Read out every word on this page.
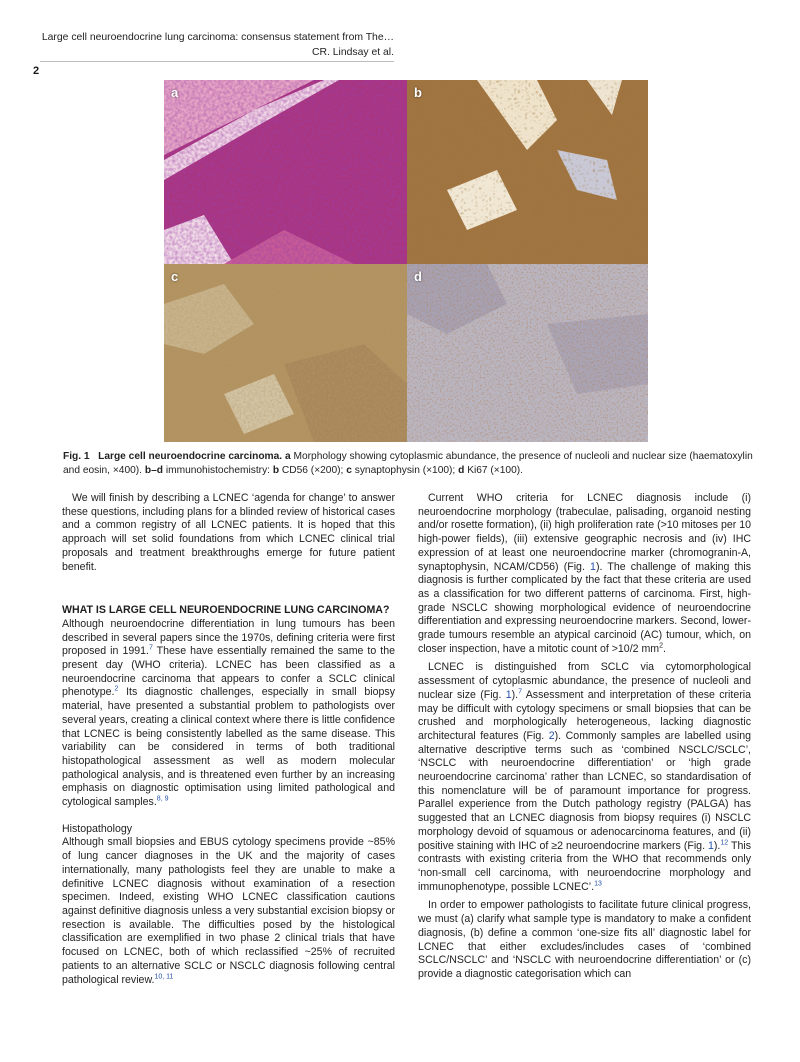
Large cell neuroendocrine lung carcinoma: consensus statement from The…
CR. Lindsay et al.
2
a	b
c	d
Fig. 1 Large cell neuroendocrine carcinoma. a Morphology showing cytoplasmic abundance, the presence of nucleoli and nuclear size (haematoxylin and eosin, ×400). b–d immunohistochemistry: b CD56 (×200); c synaptophysin (×100); d Ki67 (×100).

We will finish by describing a LCNEC ‘agenda for change’ to answer these questions, including plans for a blinded review of historical cases and a common registry of all LCNEC patients. It is hoped that this approach will set solid foundations from which LCNEC clinical trial proposals and treatment breakthroughs emerge for future patient benefit.

WHAT IS LARGE CELL NEUROENDOCRINE LUNG CARCINOMA?

Although neuroendocrine differentiation in lung tumours has been described in several papers since the 1970s, defining criteria were first proposed in 1991.$^7$ These have essentially remained the same to the present day (WHO criteria). LCNEC has been classified as a neuroendocrine carcinoma that appears to confer a SCLC clinical phenotype.$^2$ Its diagnostic challenges, especially in small biopsy material, have presented a substantial problem to pathologists over several years, creating a clinical context where there is little confidence that LCNEC is being consistently labelled as the same disease. This variability can be considered in terms of both traditional histopathological assessment as well as modern molecular pathological analysis, and is threatened even further by an increasing emphasis on diagnostic optimisation using limited pathological and cytological samples.$^{8, 9}$

Histopathology

Although small biopsies and EBUS cytology specimens provide ~85% of lung cancer diagnoses in the UK and the majority of cases internationally, many pathologists feel they are unable to make a definitive LCNEC diagnosis without examination of a resection specimen. Indeed, existing WHO LCNEC classification cautions against definitive diagnosis unless a very substantial excision biopsy or resection is available. The difficulties posed by the histological classification are exemplified in two phase 2 clinical trials that have focused on LCNEC, both of which reclassified ~25% of recruited patients to an alternative SCLC or NSCLC diagnosis following central pathological review.$^{10, 11}$

Current WHO criteria for LCNEC diagnosis include (i) neuroendocrine morphology (trabeculae, palisading, organoid nesting and/or rosette formation), (ii) high proliferation rate (>10 mitoses per 10 high-power fields), (iii) extensive geographic necrosis and (iv) IHC expression of at least one neuroendocrine marker (chromogranin-A, synaptophysin, NCAM/CD56) (Fig. 1). The challenge of making this diagnosis is further complicated by the fact that these criteria are used as a classification for two different patterns of carcinoma. First, high-grade NSCLC showing morphological evidence of neuroendocrine differentiation and expressing neuroendocrine markers. Second, lower-grade tumours resemble an atypical carcinoid (AC) tumour, which, on closer inspection, have a mitotic count of >10/2 $mm^2$.

LCNEC is distinguished from SCLC via cytomorphological assessment of cytoplasmic abundance, the presence of nucleoli and nuclear size (Fig. 1).$^7$ Assessment and interpretation of these criteria may be difficult with cytology specimens or small biopsies that can be crushed and morphologically heterogeneous, lacking diagnostic architectural features (Fig. 2). Commonly samples are labelled using alternative descriptive terms such as ‘combined NSCLC/SCLC’, ‘NSCLC with neuroendocrine differentiation’ or ‘high grade neuroendocrine carcinoma’ rather than LCNEC, so standardisation of this nomenclature will be of paramount importance for progress. Parallel experience from the Dutch pathology registry (PALGA) has suggested that an LCNEC diagnosis from biopsy requires (i) NSCLC morphology devoid of squamous or adenocarcinoma features, and (ii) positive staining with IHC of ≥2 neuroendocrine markers (Fig. 1).$^{12}$ This contrasts with existing criteria from the WHO that recommends only ‘non-small cell carcinoma, with neuroendocrine morphology and immunophenotype, possible LCNEC’.$^{13}$

In order to empower pathologists to facilitate future clinical progress, we must (a) clarify what sample type is mandatory to make a confident diagnosis, (b) define a common ‘one-size fits all’ diagnostic label for LCNEC that either excludes/includes cases of ‘combined SCLC/NSCLC’ and ‘NSCLC with neuroendocrine differentiation’ or (c) provide a diagnostic categorisation which can
